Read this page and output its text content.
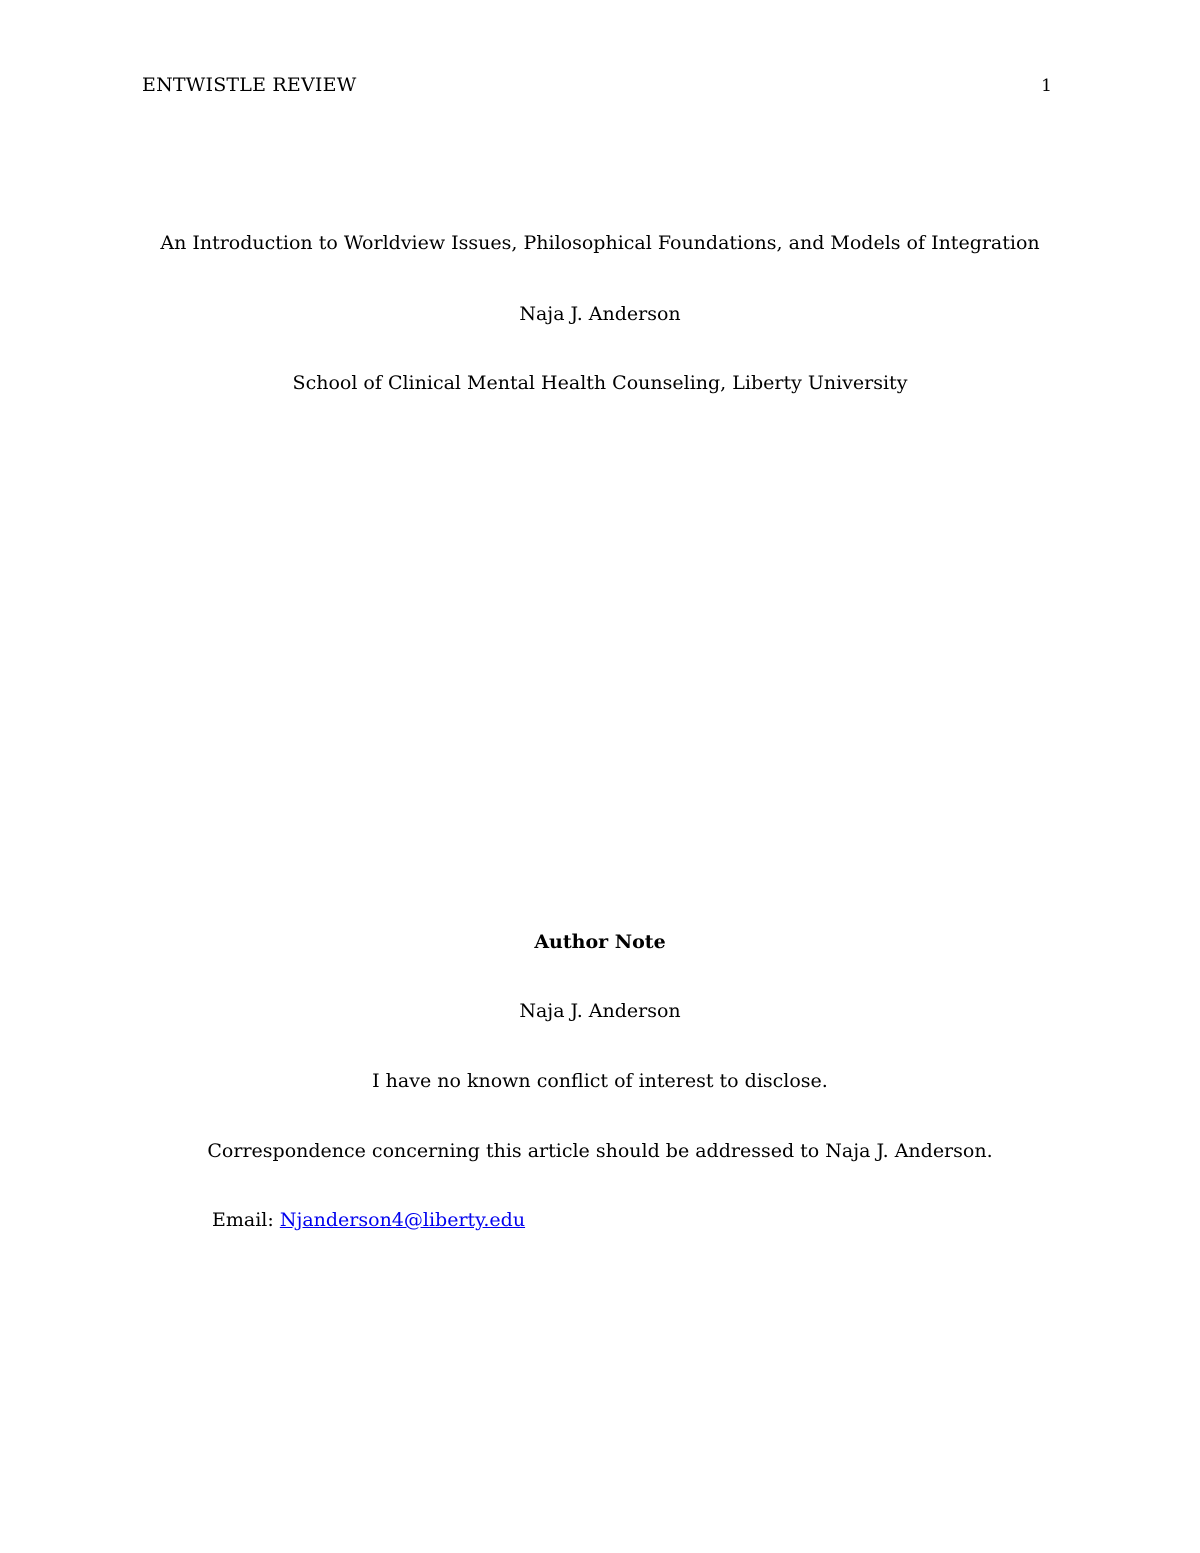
ENTWISTLE REVIEW	1
An Introduction to Worldview Issues, Philosophical Foundations, and Models of Integration
Naja J. Anderson
School of Clinical Mental Health Counseling, Liberty University
Author Note
Naja J. Anderson
I have no known conflict of interest to disclose.
Correspondence concerning this article should be addressed to Naja J. Anderson.
Email: Njanderson4@liberty.edu
